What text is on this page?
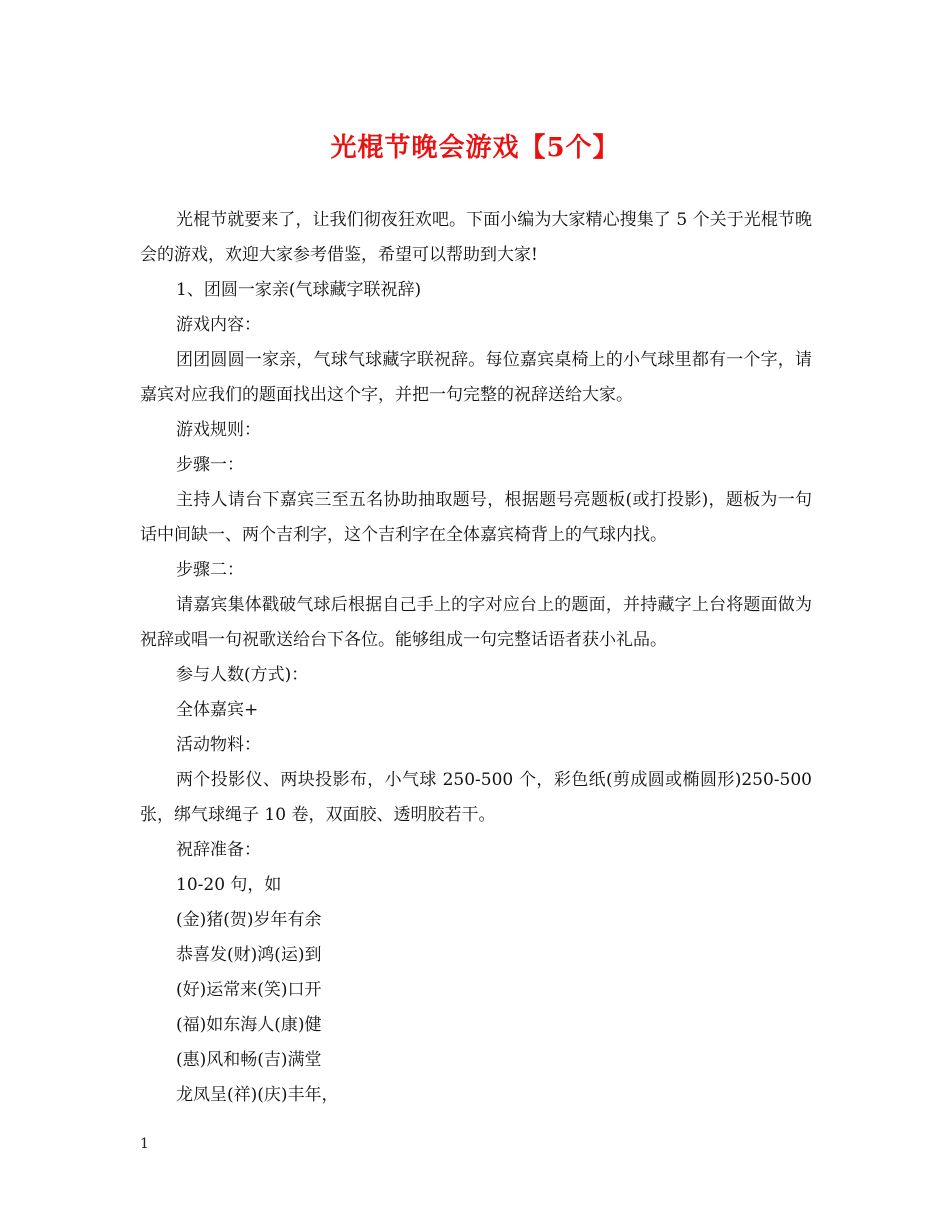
光棍节晚会游戏【5个】

光棍节就要来了，让我们彻夜狂欢吧。下面小编为大家精心搜集了 5 个关于光棍节晚会的游戏，欢迎大家参考借鉴，希望可以帮助到大家!

1、团圆一家亲(气球藏字联祝辞)

游戏内容：

团团圆圆一家亲，气球气球藏字联祝辞。每位嘉宾桌椅上的小气球里都有一个字，请嘉宾对应我们的题面找出这个字，并把一句完整的祝辞送给大家。

游戏规则：

步骤一：

主持人请台下嘉宾三至五名协助抽取题号，根据题号亮题板(或打投影)，题板为一句话中间缺一、两个吉利字，这个吉利字在全体嘉宾椅背上的气球内找。

步骤二：

请嘉宾集体戳破气球后根据自己手上的字对应台上的题面，并持藏字上台将题面做为祝辞或唱一句祝歌送给台下各位。能够组成一句完整话语者获小礼品。

参与人数(方式)：

全体嘉宾+

活动物料：

两个投影仪、两块投影布，小气球 250-500 个，彩色纸(剪成圆或椭圆形)250-500 张，绑气球绳子 10 卷，双面胶、透明胶若干。

祝辞准备：

10-20 句，如

(金)猪(贺)岁年有余

恭喜发(财)鸿(运)到

(好)运常来(笑)口开

(福)如东海人(康)健

(惠)风和畅(吉)满堂

龙凤呈(祥)(庆)丰年，

1
